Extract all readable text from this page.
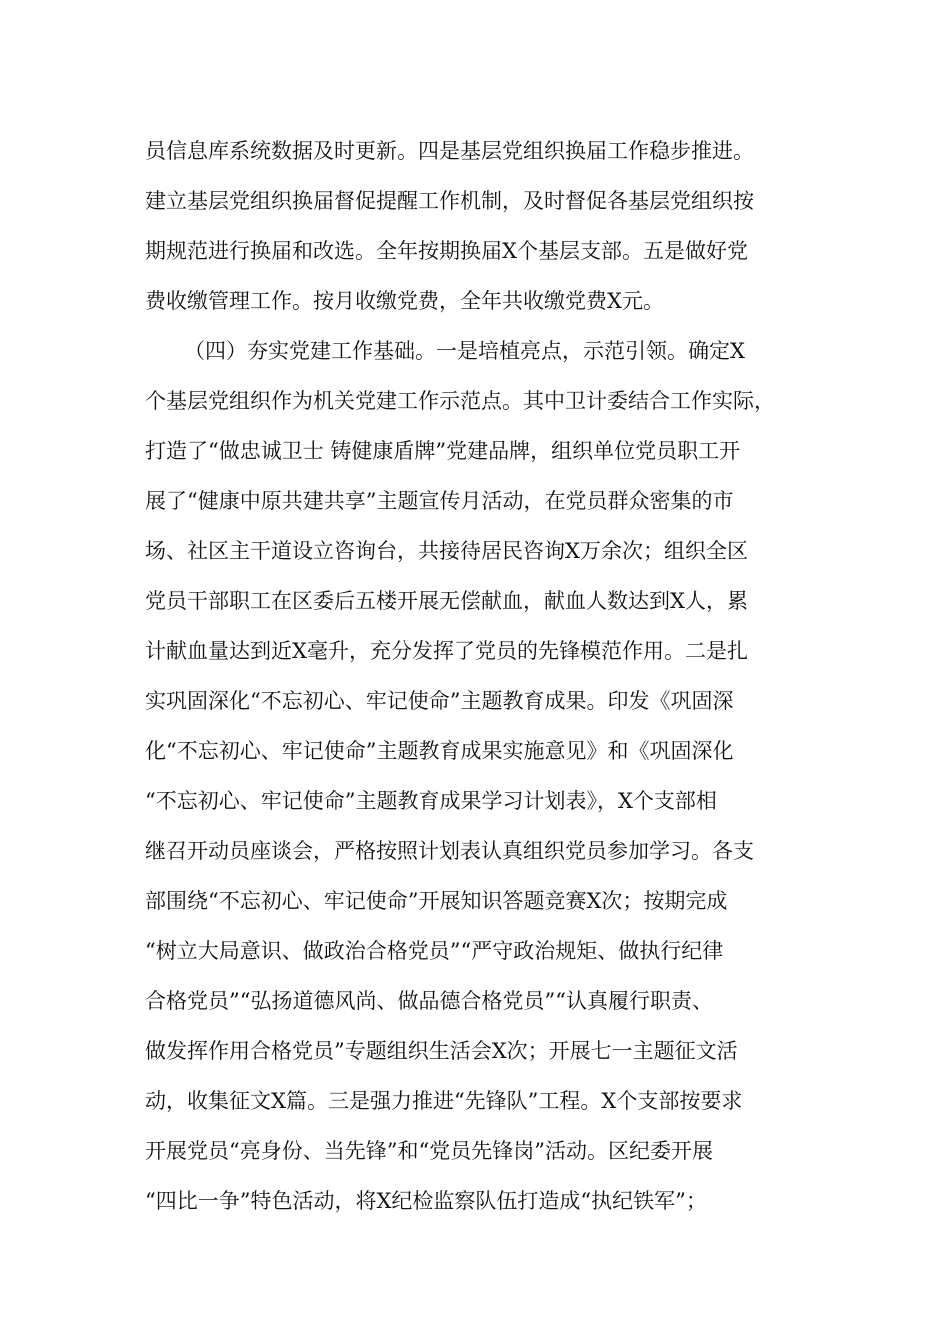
员信息库系统数据及时更新。四是基层党组织换届工作稳步推进。
建立基层党组织换届督促提醒工作机制，及时督促各基层党组织按
期规范进行换届和改选。全年按期换届X个基层支部。五是做好党
费收缴管理工作。按月收缴党费，全年共收缴党费X元。
（四）夯实党建工作基础。一是培植亮点，示范引领。确定X
个基层党组织作为机关党建工作示范点。其中卫计委结合工作实际，
打造了“做忠诚卫士 铸健康盾牌”党建品牌，组织单位党员职工开
展了“健康中原共建共享”主题宣传月活动，在党员群众密集的市
场、社区主干道设立咨询台，共接待居民咨询X万余次；组织全区
党员干部职工在区委后五楼开展无偿献血，献血人数达到X人，累
计献血量达到近X毫升，充分发挥了党员的先锋模范作用。二是扎
实巩固深化“不忘初心、牢记使命”主题教育成果。印发《巩固深
化“不忘初心、牢记使命”主题教育成果实施意见》和《巩固深化
“不忘初心、牢记使命”主题教育成果学习计划表》，X个支部相
继召开动员座谈会，严格按照计划表认真组织党员参加学习。各支
部围绕“不忘初心、牢记使命”开展知识答题竞赛X次；按期完成
“树立大局意识、做政治合格党员”“严守政治规矩、做执行纪律
合格党员”“弘扬道德风尚、做品德合格党员”“认真履行职责、
做发挥作用合格党员”专题组织生活会X次；开展七一主题征文活
动，收集征文X篇。三是强力推进“先锋队”工程。X个支部按要求
开展党员“亮身份、当先锋”和“党员先锋岗”活动。区纪委开展
“四比一争”特色活动，将X纪检监察队伍打造成“执纪铁军”；
